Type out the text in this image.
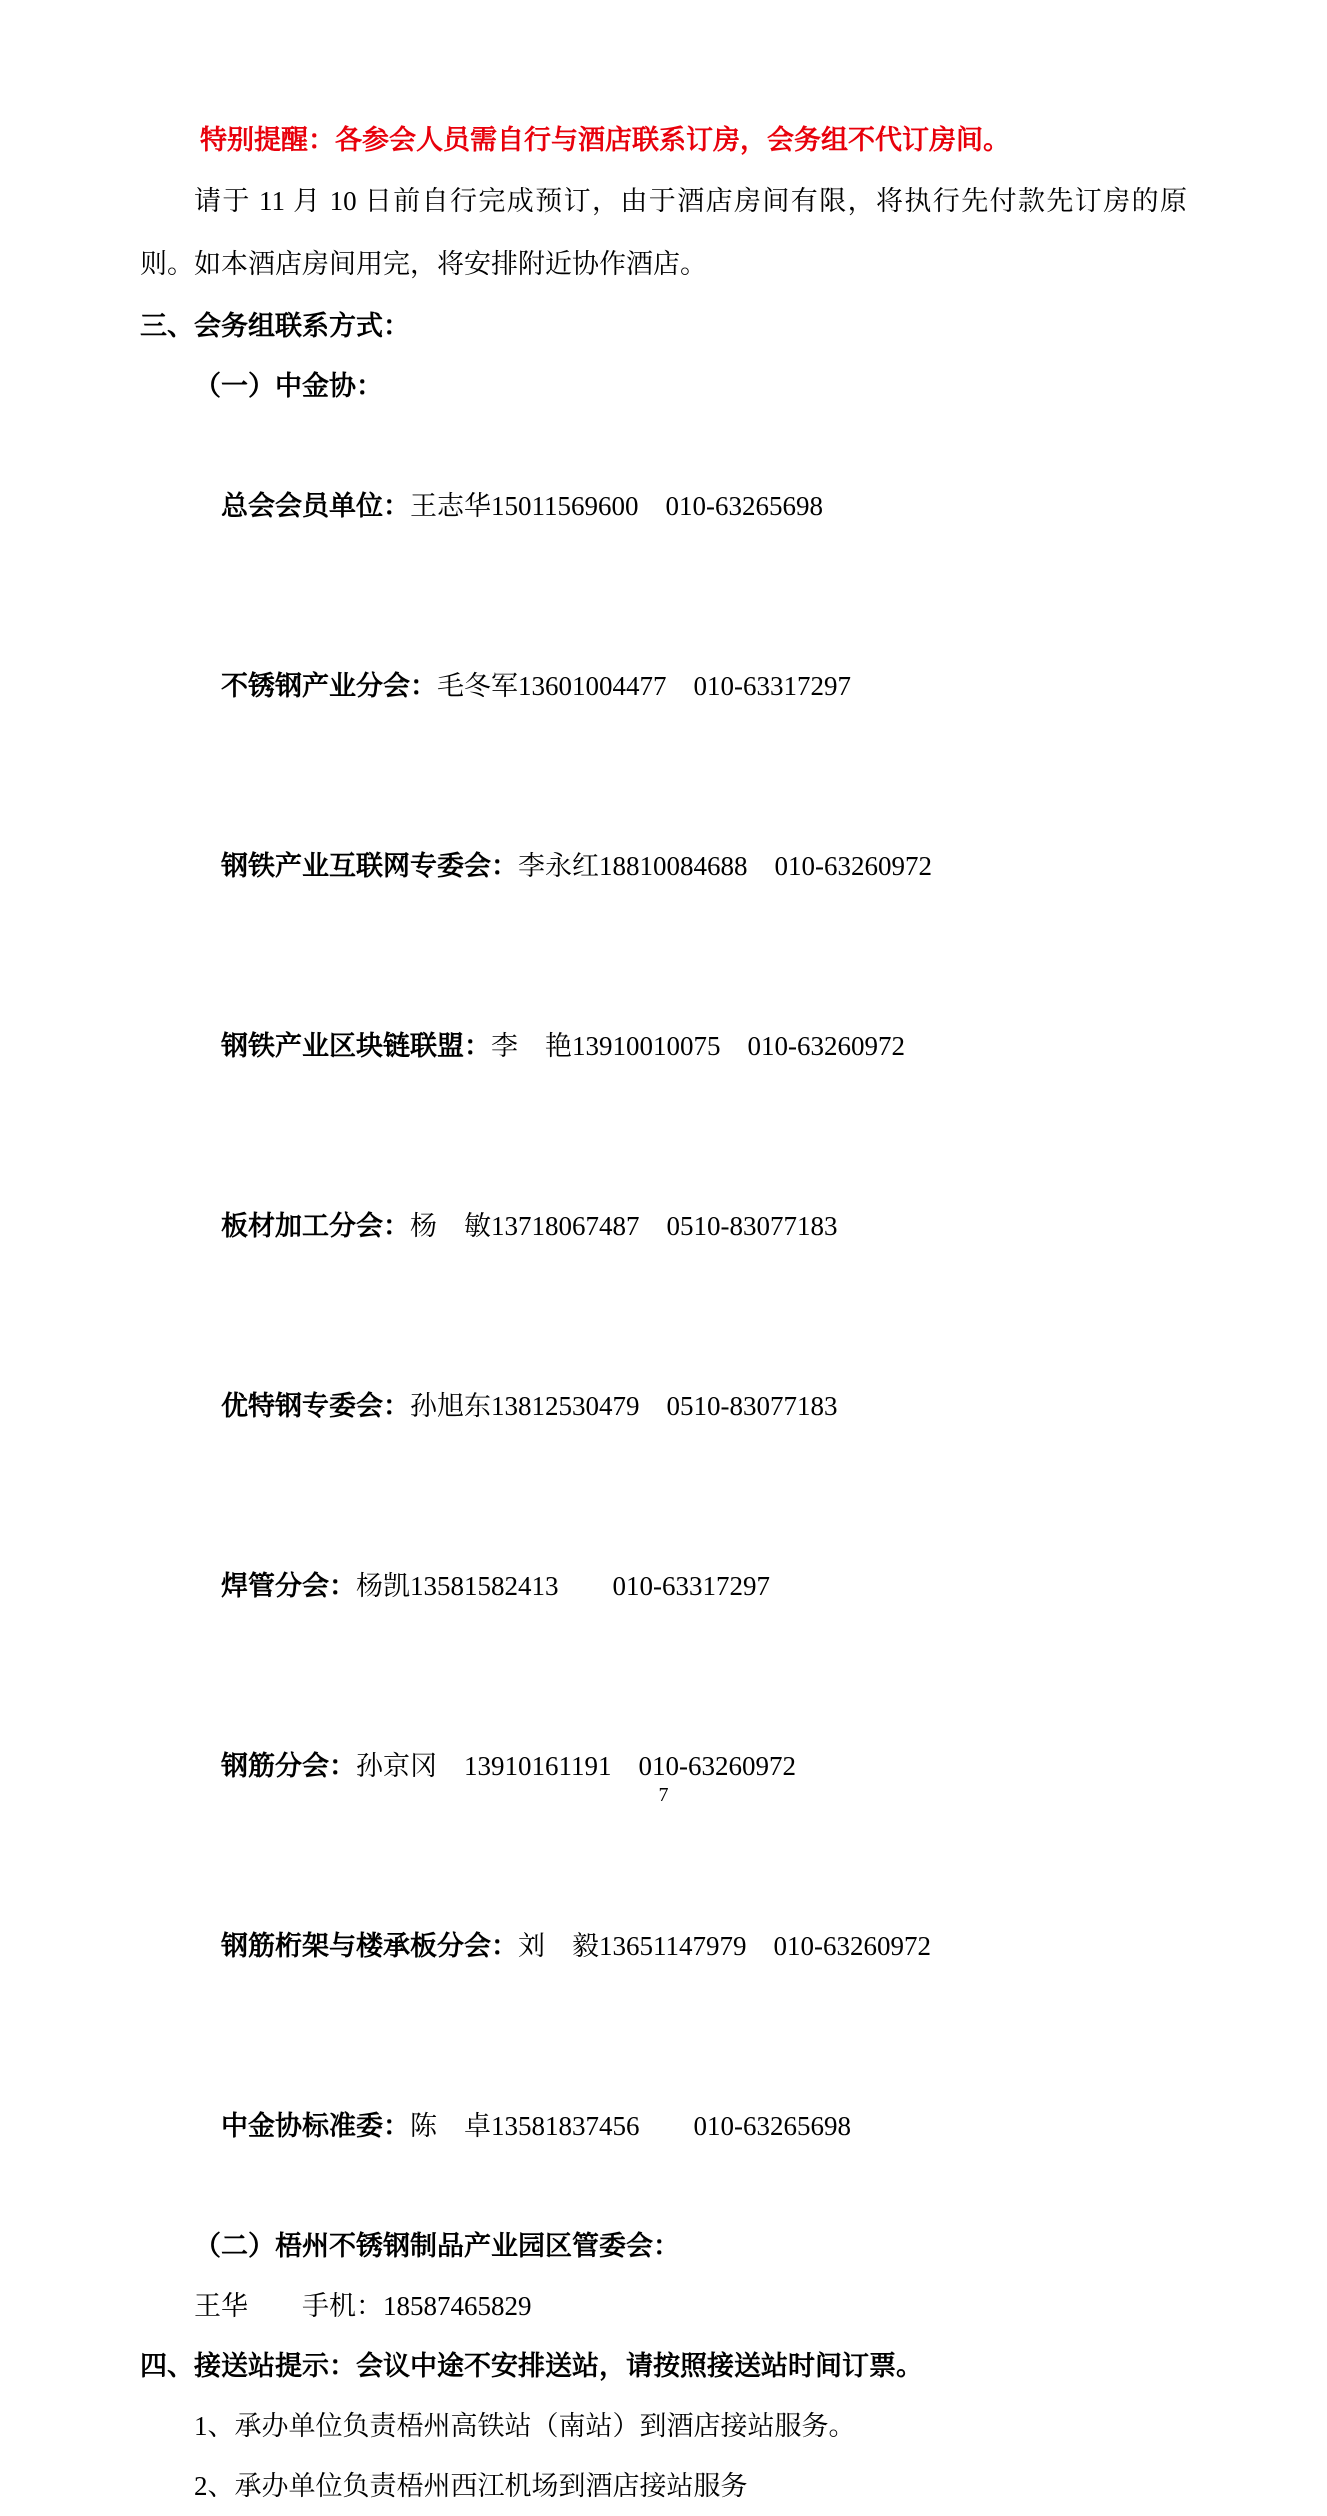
特别提醒：各参会人员需自行与酒店联系订房，会务组不代订房间。

请于 11 月 10 日前自行完成预订，由于酒店房间有限，将执行先付款先订房的原则。如本酒店房间用完，将安排附近协作酒店。

三、会务组联系方式：
（一）中金协：

总会会员单位：王志华15011569600　010-63265698

不锈钢产业分会：毛冬军13601004477　010-63317297

钢铁产业互联网专委会：李永红18810084688　010-63260972

钢铁产业区块链联盟：李　艳13910010075　010-63260972

板材加工分会：杨　敏13718067487　0510-83077183

优特钢专委会：孙旭东13812530479　0510-83077183

焊管分会：杨凯13581582413　　010-63317297

钢筋分会：孙京冈　13910161191　010-63260972

钢筋桁架与楼承板分会：刘　毅13651147979　010-63260972

中金协标准委：陈　卓13581837456　　010-63265698

（二）梧州不锈钢制品产业园区管委会：
王华　　手机：18587465829
四、接送站提示：会议中途不安排送站，请按照接送站时间订票。
1、承办单位负责梧州高铁站（南站）到酒店接站服务。
2、承办单位负责梧州西江机场到酒店接站服务
7
